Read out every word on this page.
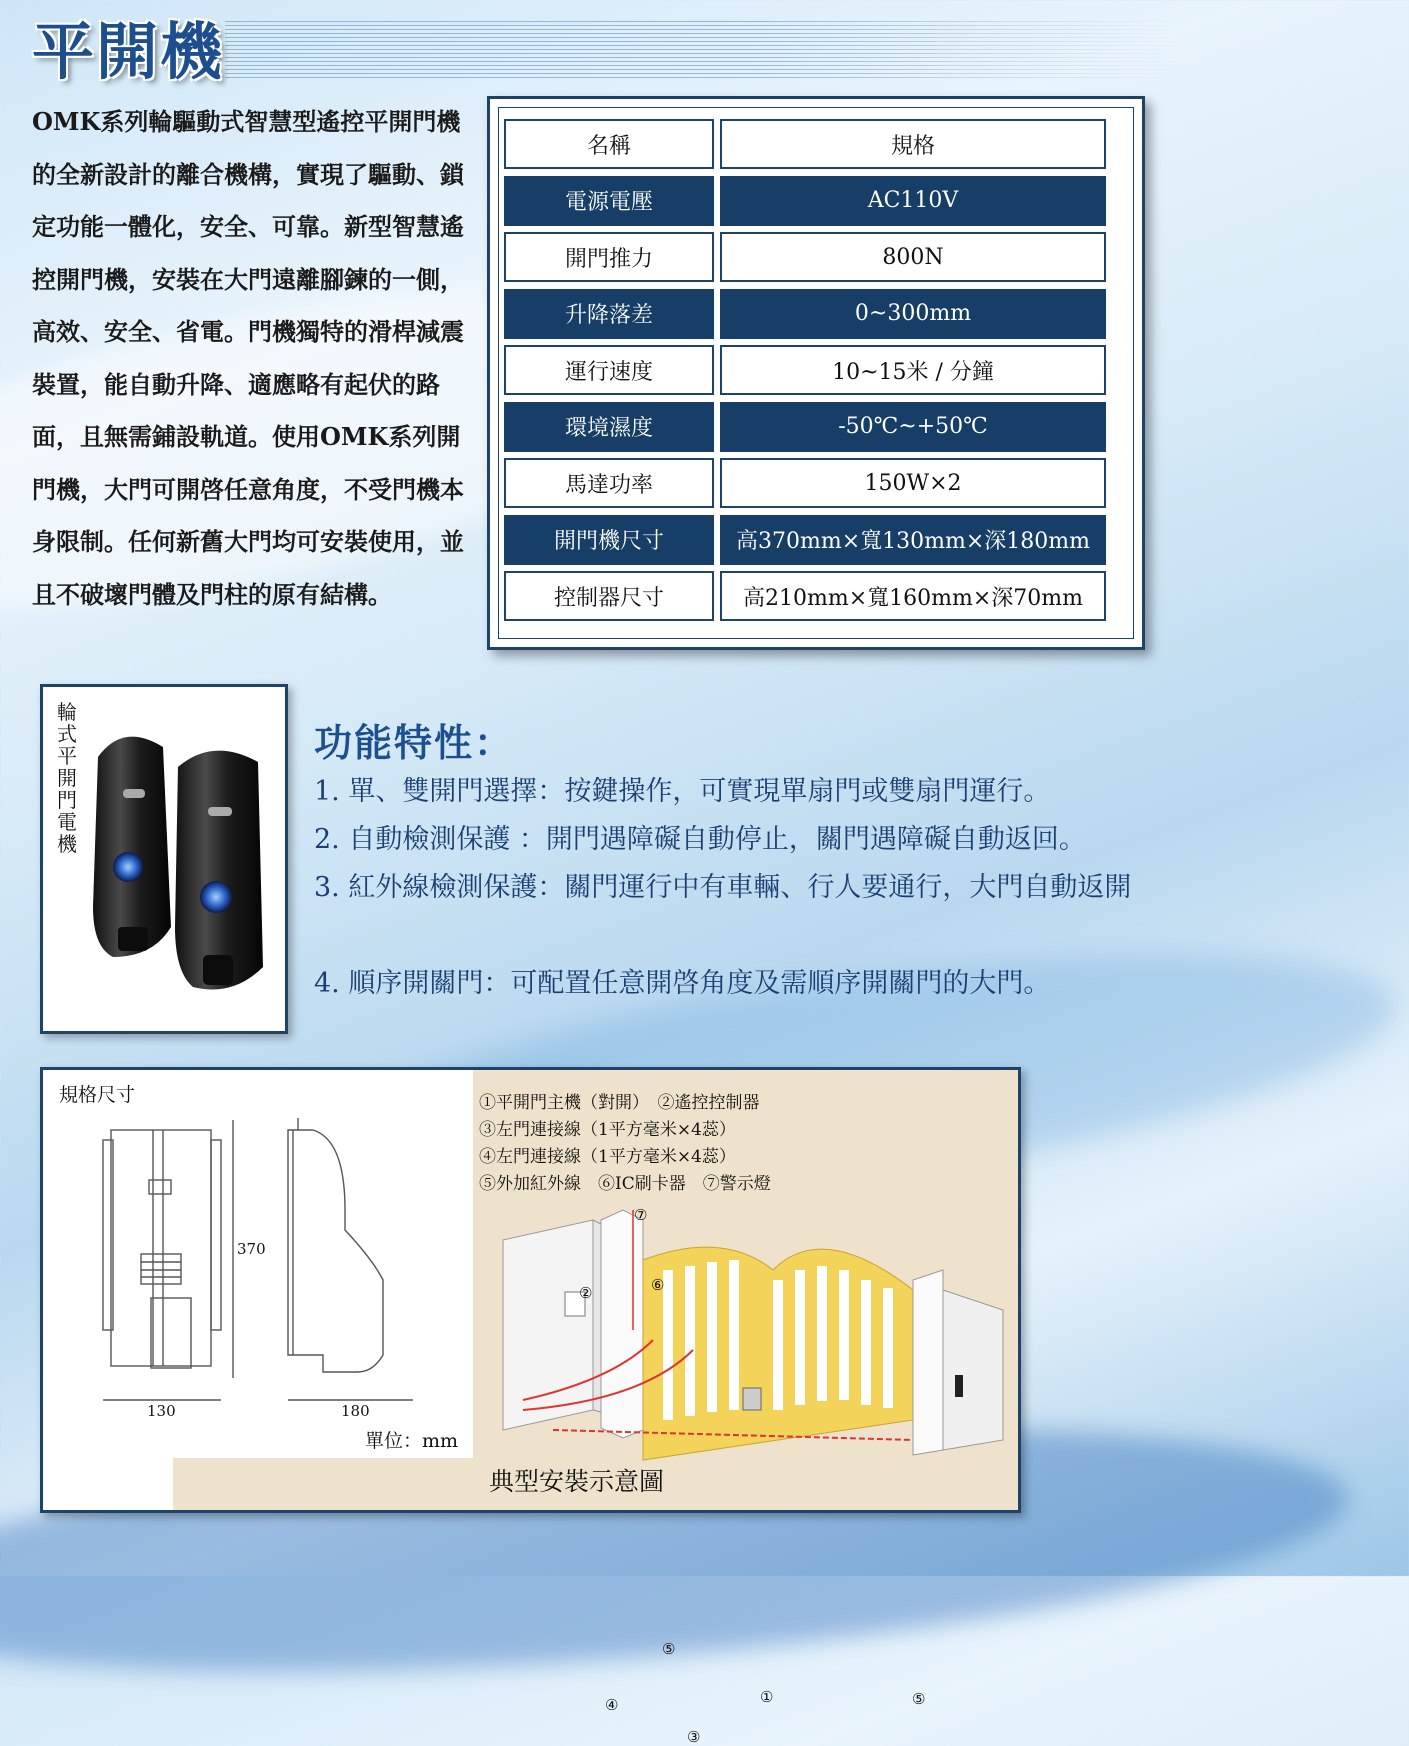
平開機
OMK系列輪驅動式智慧型遙控平開門機的全新設計的離合機構，實現了驅動、鎖定功能一體化，安全、可靠。新型智慧遙控開門機，安裝在大門遠離腳鍊的一側，高效、安全、省電。門機獨特的滑桿減震裝置，能自動升降、適應略有起伏的路面，且無需鋪設軌道。使用OMK系列開門機，大門可開啓任意角度，不受門機本身限制。任何新舊大門均可安裝使用，並且不破壞門體及門柱的原有結構。
名稱	規格
電源電壓	AC110V
開門推力	800N
升降落差	0~300mm
運行速度	10~15米 / 分鐘
環境濕度	-50℃~+50℃
馬達功率	150W×2
開門機尺寸	高370mm×寬130mm×深180mm
控制器尺寸	高210mm×寬160mm×深70mm
輪式平開門電機
功能特性：
1. 單、雙開門選擇：按鍵操作，可實現單扇門或雙扇門運行。
2. 自動檢測保護 ：開門遇障礙自動停止，關門遇障礙自動返回。
3. 紅外線檢測保護：關門運行中有車輛、行人要通行，大門自動返開
4. 順序開關門：可配置任意開啓角度及需順序開關門的大門。
規格尺寸
370
130	180
單位：mm
①平開門主機（對開）　②遙控控制器
③左門連接線（1平方毫米×4蕊）
④左門連接線（1平方毫米×4蕊）
⑤外加紅外線　⑥IC刷卡器　⑦警示燈
⑦
②	⑥
⑤
⑤
①
④
③
典型安裝示意圖
